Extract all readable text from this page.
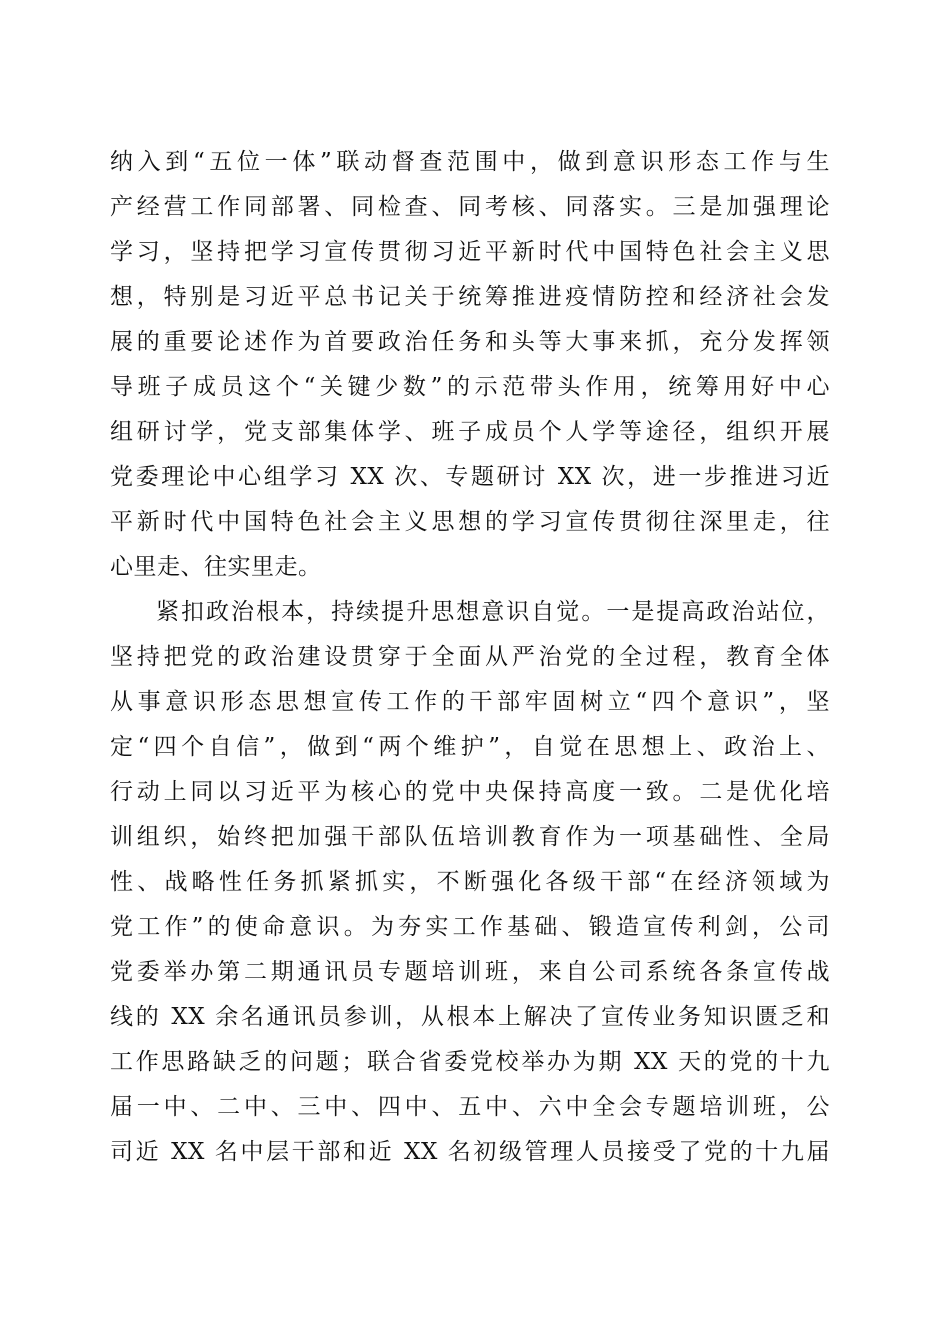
纳入到“五位一体”联动督查范围中，做到意识形态工作与生
产经营工作同部署、同检查、同考核、同落实。三是加强理论
学习，坚持把学习宣传贯彻习近平新时代中国特色社会主义思
想，特别是习近平总书记关于统筹推进疫情防控和经济社会发
展的重要论述作为首要政治任务和头等大事来抓，充分发挥领
导班子成员这个“关键少数”的示范带头作用，统筹用好中心
组研讨学，党支部集体学、班子成员个人学等途径，组织开展
党委理论中心组学习 XX 次、专题研讨 XX 次，进一步推进习近
平新时代中国特色社会主义思想的学习宣传贯彻往深里走，往
心里走、往实里走。
紧扣政治根本，持续提升思想意识自觉。一是提高政治站位，
坚持把党的政治建设贯穿于全面从严治党的全过程，教育全体
从事意识形态思想宣传工作的干部牢固树立“四个意识”，坚
定“四个自信”，做到“两个维护”，自觉在思想上、政治上、
行动上同以习近平为核心的党中央保持高度一致。二是优化培
训组织，始终把加强干部队伍培训教育作为一项基础性、全局
性、战略性任务抓紧抓实，不断强化各级干部“在经济领域为
党工作”的使命意识。为夯实工作基础、锻造宣传利剑，公司
党委举办第二期通讯员专题培训班，来自公司系统各条宣传战
线的 XX 余名通讯员参训，从根本上解决了宣传业务知识匮乏和
工作思路缺乏的问题；联合省委党校举办为期 XX 天的党的十九
届一中、二中、三中、四中、五中、六中全会专题培训班，公
司近 XX 名中层干部和近 XX 名初级管理人员接受了党的十九届
